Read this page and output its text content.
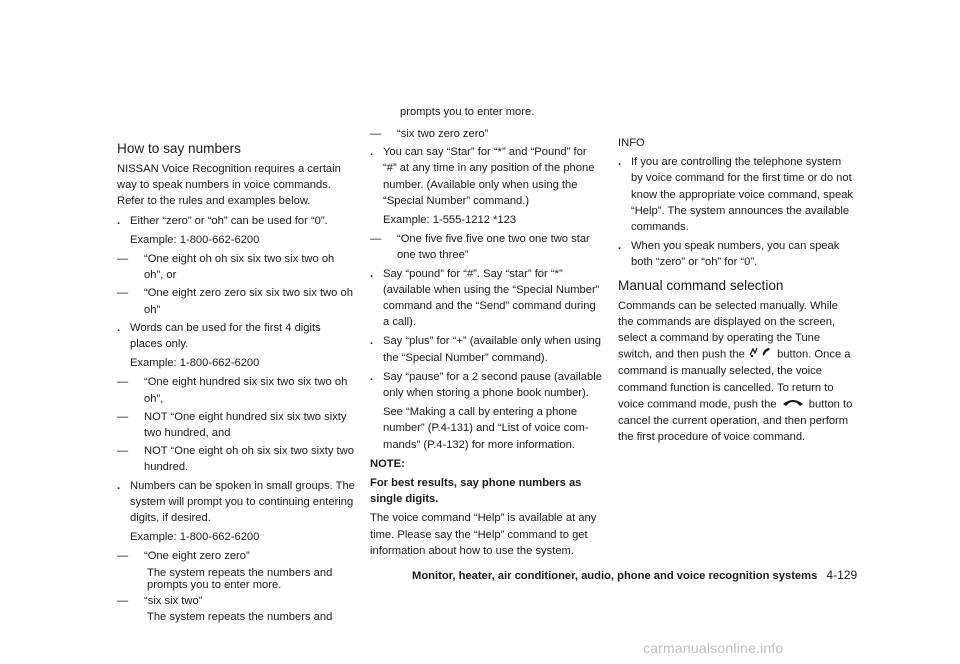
How to say numbers

NISSAN Voice Recognition requires a certain way to speak numbers in voice commands. Refer to the rules and examples below.

. Either “zero” or “oh” can be used for “0”.
Example: 1-800-662-6200
— “One eight oh oh six six two six two oh oh”, or
— “One eight zero zero six six two six two oh oh”
. Words can be used for the first 4 digits places only.
Example: 1-800-662-6200
— “One eight hundred six six two six two oh oh”,
— NOT “One eight hundred six six two sixty two hundred, and
— NOT “One eight oh oh six six two sixty two hundred.
. Numbers can be spoken in small groups. The system will prompt you to continuing entering digits, if desired.
Example: 1-800-662-6200
— “One eight zero zero”
The system repeats the numbers and prompts you to enter more.
— “six six two”
The system repeats the numbers and
prompts you to enter more.
— “six two zero zero”
. You can say “Star” for “*” and “Pound” for “#” at any time in any position of the phone number. (Available only when using the “Special Number” command.)
Example: 1-555-1212 *123
— “One five five five one two one two star one two three”
. Say “pound” for “#”. Say “star” for “*” (available when using the “Special Number” command and the “Send” command during a call).
. Say “plus” for “+” (available only when using the “Special Number” command).
. Say “pause” for a 2 second pause (available only when storing a phone book number).
See “Making a call by entering a phone number” (P.4-131) and “List of voice com-mands” (P.4-132) for more information.

NOTE:

For best results, say phone numbers as single digits.

The voice command “Help” is available at any time. Please say the “Help” command to get information about how to use the system.

INFO

. If you are controlling the telephone system by voice command for the first time or do not know the appropriate voice command, speak “Help”. The system announces the available commands.
. When you speak numbers, you can speak both “zero” or “oh” for “0”.
Manual command selection

Commands can be selected manually. While the commands are displayed on the screen, select a command by operating the Tune switch, and then push the	button. Once a command is manually selected, the voice command function is cancelled. To return to voice command mode, push the	button to cancel the current operation, and then perform the first procedure of voice command.

Monitor, heater, air conditioner, audio, phone and voice recognition systems 4-129
carmanualsonline.info
